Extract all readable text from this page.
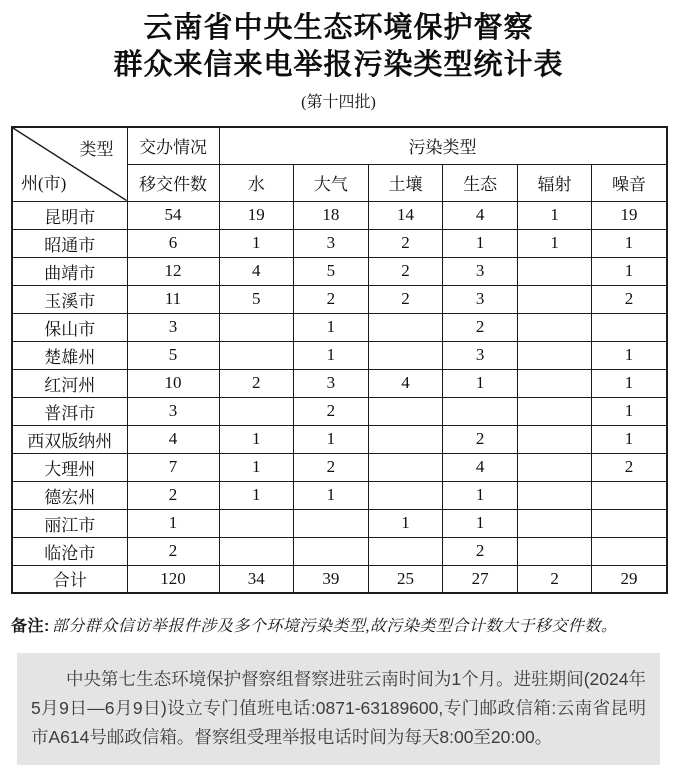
云南省中央生态环境保护督察
群众来信来电举报污染类型统计表
(第十四批)
类型
州(市)	交办情况	污染类型					
	移交件数	水	大气	土壤	生态	辐射	噪音
昆明市	54	19	18	14	4	1	19
昭通市	6	1	3	2	1	1	1
曲靖市	12	4	5	2	3		1
玉溪市	11	5	2	2	3		2
保山市	3		1		2		
楚雄州	5		1		3		1
红河州	10	2	3	4	1		1
普洱市	3		2				1
西双版纳州	4	1	1		2		1
大理州	7	1	2		4		2
德宏州	2	1	1		1		
丽江市	1			1	1		
临沧市	2				2		
合计	120	34	39	25	27	2	29

备注: 部分群众信访举报件涉及多个环境污染类型,故污染类型合计数大于移交件数。

中央第七生态环境保护督察组督察进驻云南时间为1个月。进驻期间(2024年5月9日—6月9日)设立专门值班电话:0871-63189600,专门邮政信箱:云南省昆明市A614号邮政信箱。督察组受理举报电话时间为每天8:00至20:00。
